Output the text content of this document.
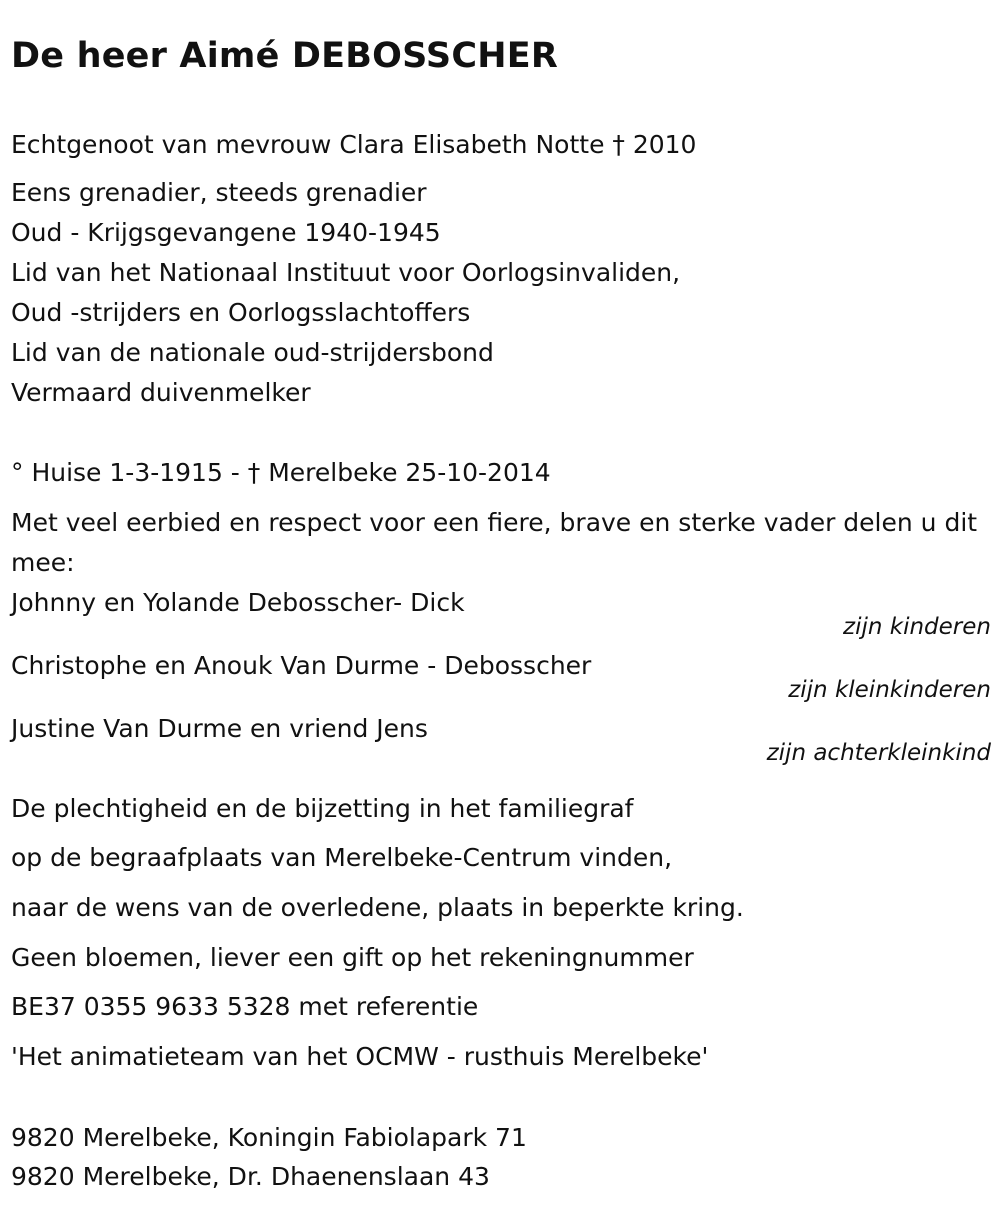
De heer Aimé DEBOSSCHER
Echtgenoot van mevrouw Clara Elisabeth Notte † 2010
Eens grenadier, steeds grenadier
Oud - Krijgsgevangene 1940-1945
Lid van het Nationaal Instituut voor Oorlogsinvaliden,
Oud -strijders en Oorlogsslachtoffers
Lid van de nationale oud-strijdersbond
Vermaard duivenmelker
° Huise 1-3-1915 - † Merelbeke 25-10-2014
Met veel eerbied en respect voor een fiere, brave en sterke vader delen u dit mee:
Johnny en Yolande Debosscher- Dick
zijn kinderen
Christophe en Anouk Van Durme - Debosscher
zijn kleinkinderen
Justine Van Durme en vriend Jens
zijn achterkleinkind
De plechtigheid en de bijzetting in het familiegraf
op de begraafplaats van Merelbeke-Centrum vinden,
naar de wens van de overledene, plaats in beperkte kring.
Geen bloemen, liever een gift op het rekeningnummer
BE37 0355 9633 5328 met referentie
'Het animatieteam van het OCMW - rusthuis Merelbeke'
9820 Merelbeke, Koningin Fabiolapark 71
9820 Merelbeke, Dr. Dhaenenslaan 43
